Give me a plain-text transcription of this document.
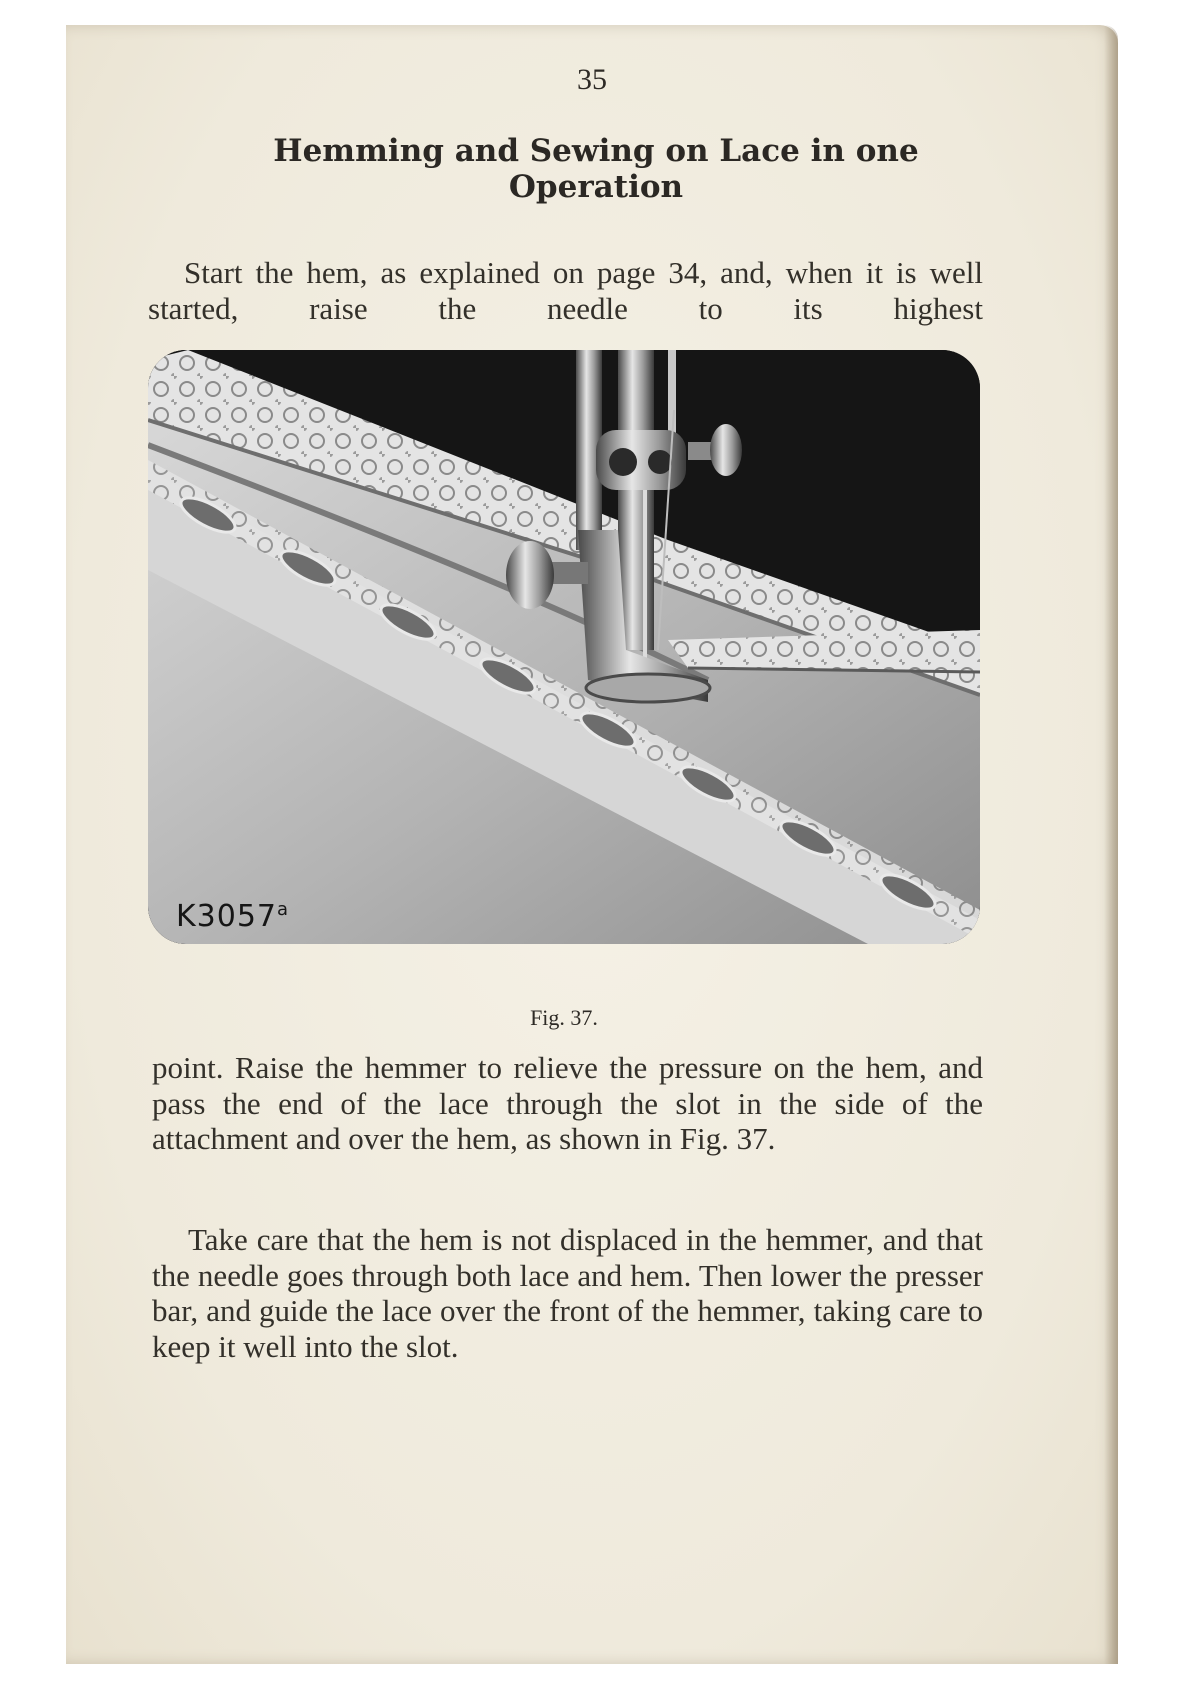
35
Hemming and Sewing on Lace in one Operation

Start the hem, as explained on page 34, and, when it is well started, raise the needle to its highest

K3057$^a$
Fig. 37.

point. Raise the hemmer to relieve the pressure on the hem, and pass the end of the lace through the slot in the side of the attachment and over the hem, as shown in Fig. 37.

Take care that the hem is not displaced in the hemmer, and that the needle goes through both lace and hem. Then lower the presser bar, and guide the lace over the front of the hemmer, taking care to keep it well into the slot.
